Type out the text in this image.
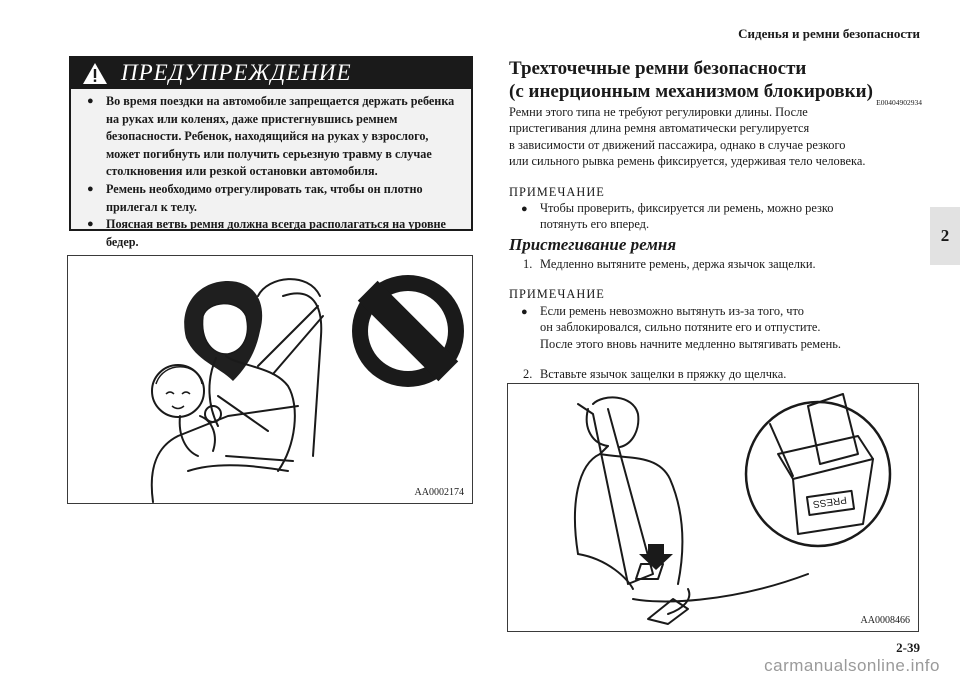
Сиденья и ремни безопасности
2
ПРЕДУПРЕЖДЕНИЕ
● Во время поездки на автомобиле запрещается держать ребенка
на руках или коленях, даже пристегнувшись ремнем
безопасности. Ребенок, находящийся на руках у взрослого,
может погибнуть или получить серьезную травму в случае
столкновения или резкой остановки автомобиля.
● Ремень необходимо отрегулировать так, чтобы он плотно
прилегал к телу.
● Поясная ветвь ремня должна всегда располагаться на уровне
бедер.
AA0002174
Трехточечные ремни безопасности
(с инерционным механизмом блокировки)
E00404902934
Ремни этого типа не требуют регулировки длины. После
пристегивания длина ремня автоматически регулируется
в зависимости от движений пассажира, однако в случае резкого
или сильного рывка ремень фиксируется, удерживая тело человека.
ПРИМЕЧАНИЕ
● Чтобы проверить, фиксируется ли ремень, можно резко
потянуть его вперед.
Пристегивание ремня
1. Медленно вытяните ремень, держа язычок защелки.
ПРИМЕЧАНИЕ
● Если ремень невозможно вытянуть из-за того, что
он заблокировался, сильно потяните его и отпустите.
После этого вновь начните медленно вытягивать ремень.
2. Вставьте язычок защелки в пряжку до щелчка.
PRESS
AA0008466
2-39
carmanualsonline.info
